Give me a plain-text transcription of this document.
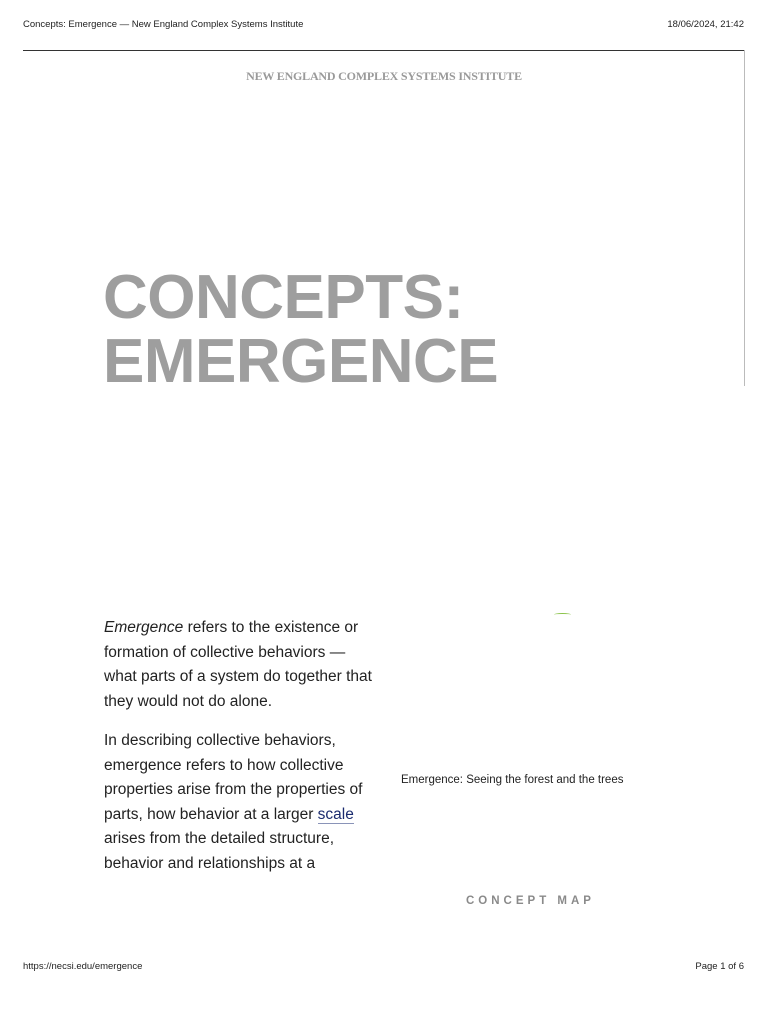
Concepts: Emergence — New England Complex Systems Institute	18/06/2024, 21:42
NEW ENGLAND COMPLEX SYSTEMS INSTITUTE
CONCEPTS:
EMERGENCE

Emergence refers to the existence or formation of collective behaviors — what parts of a system do together that they would not do alone.

In describing collective behaviors, emergence refers to how collective properties arise from the properties of parts, how behavior at a larger scale arises from the detailed structure, behavior and relationships at a

Emergence: Seeing the forest and the trees
CONCEPT MAP
https://necsi.edu/emergence	Page 1 of 6
